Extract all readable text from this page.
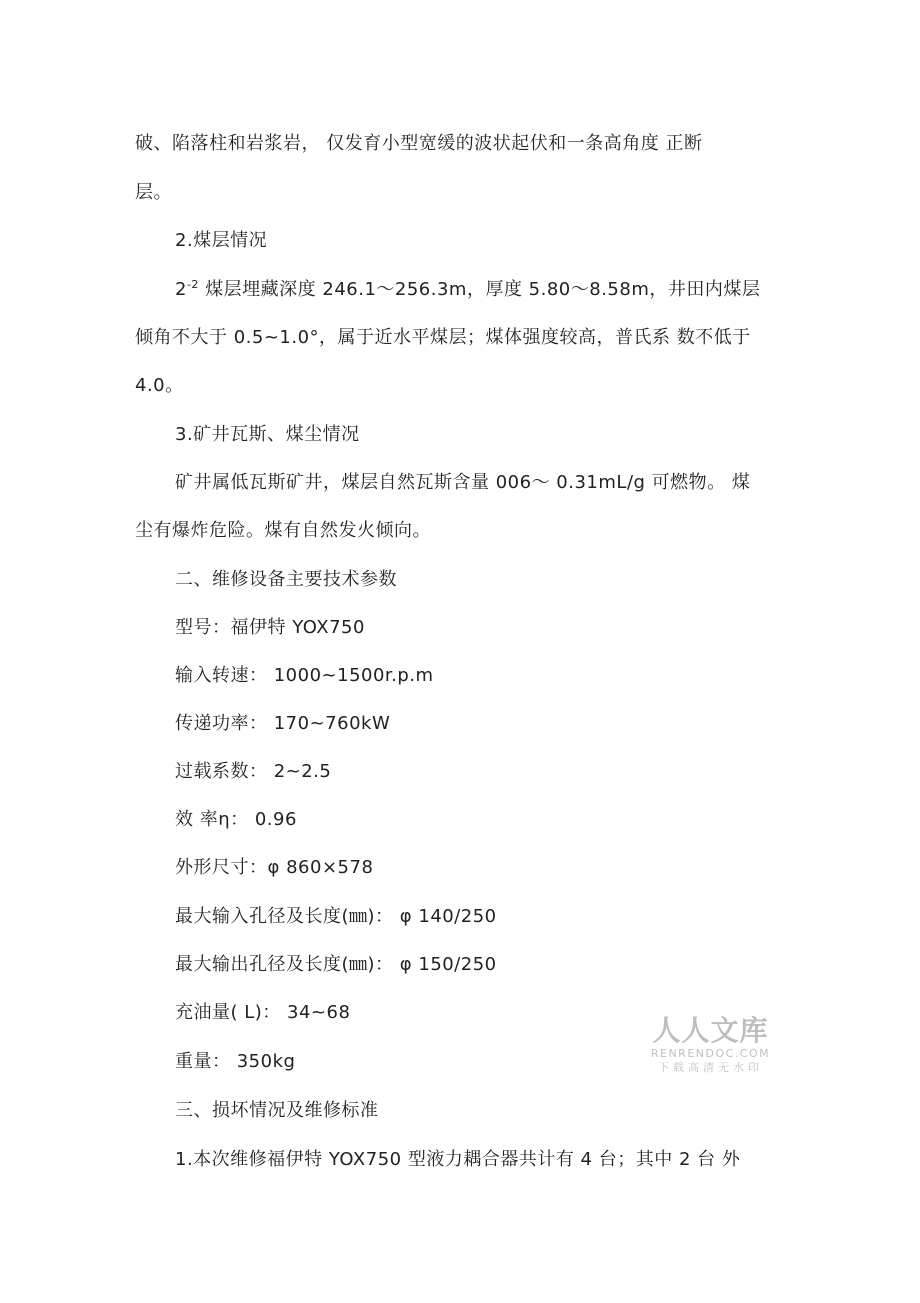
破、陷落柱和岩浆岩， 仅发育小型宽缓的波状起伏和一条高角度 正断
层。
2.煤层情况
$2^{-2}$ 煤层埋藏深度 246.1～256.3m，厚度 5.80～8.58m，井田内煤层
倾角不大于 0.5~1.0°，属于近水平煤层；煤体强度较高，普氏系 数不低于
4.0。
3.矿井瓦斯、煤尘情况
矿井属低瓦斯矿井，煤层自然瓦斯含量 006～ 0.31mL/g 可燃物。 煤
尘有爆炸危险。煤有自然发火倾向。
二、维修设备主要技术参数
型号：福伊特 YOX750
输入转速： 1000~1500r.p.m
传递功率： 170~760kW
过载系数： 2~2.5
效 率η： 0.96
外形尺寸：φ 860×578
最大输入孔径及长度(㎜)： φ 140/250
最大输出孔径及长度(㎜)： φ 150/250
充油量( L)： 34~68
重量： 350kg
三、损坏情况及维修标准
1.本次维修福伊特 YOX750 型液力耦合器共计有 4 台；其中 2 台 外
人人文库
RENRENDOC.COM
下载高清无水印
